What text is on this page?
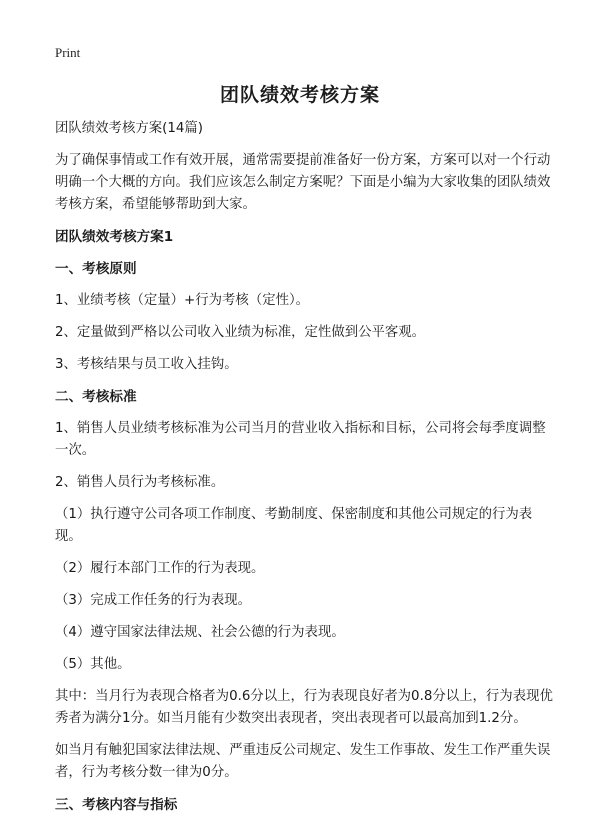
Print
团队绩效考核方案

团队绩效考核方案(14篇)

为了确保事情或工作有效开展，通常需要提前准备好一份方案，方案可以对一个行动明确一个大概的方向。我们应该怎么制定方案呢？下面是小编为大家收集的团队绩效考核方案，希望能够帮助到大家。

团队绩效考核方案1

一、考核原则

1、业绩考核（定量）+行为考核（定性）。

2、定量做到严格以公司收入业绩为标准，定性做到公平客观。

3、考核结果与员工收入挂钩。

二、考核标准

1、销售人员业绩考核标准为公司当月的营业收入指标和目标，公司将会每季度调整一次。

2、销售人员行为考核标准。

（1）执行遵守公司各项工作制度、考勤制度、保密制度和其他公司规定的行为表现。

（2）履行本部门工作的行为表现。

（3）完成工作任务的行为表现。

（4）遵守国家法律法规、社会公德的行为表现。

（5）其他。

其中：当月行为表现合格者为0.6分以上，行为表现良好者为0.8分以上，行为表现优秀者为满分1分。如当月能有少数突出表现者，突出表现者可以最高加到1.2分。

如当月有触犯国家法律法规、严重违反公司规定、发生工作事故、发生工作严重失误者，行为考核分数一律为0分。

三、考核内容与指标
